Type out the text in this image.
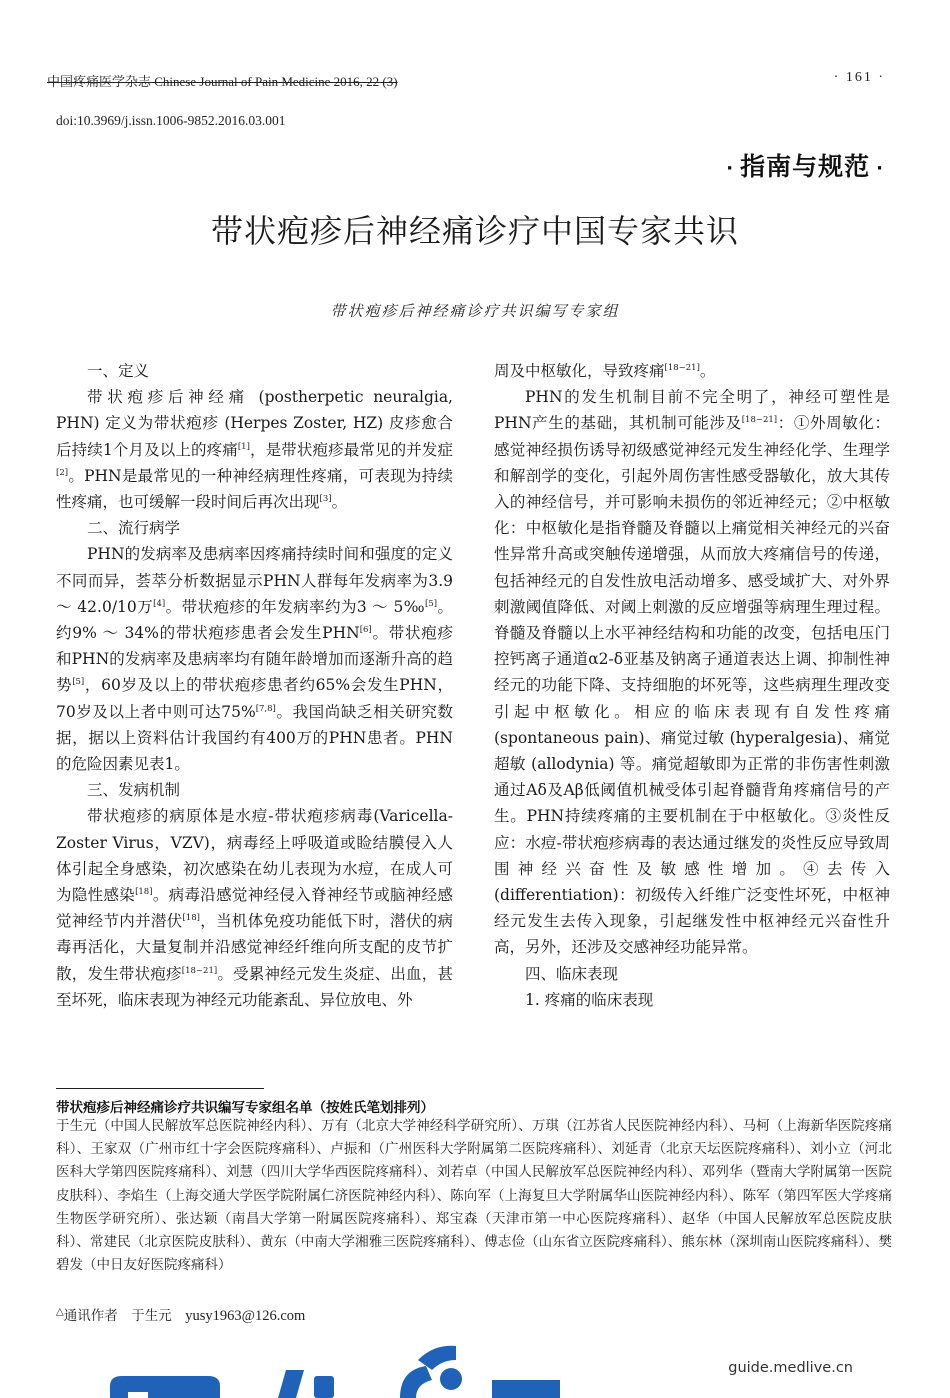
中国疼痛医学杂志 Chinese Journal of Pain Medicine 2016, 22 (3)	· 161 ·
doi:10.3969/j.issn.1006-9852.2016.03.001
· 指南与规范 ·
带状疱疹后神经痛诊疗中国专家共识
带状疱疹后神经痛诊疗共识编写专家组
一、定义

带状疱疹后神经痛 (postherpetic neuralgia, PHN) 定义为带状疱疹 (Herpes Zoster, HZ) 皮疹愈合后持续1个月及以上的疼痛[1]，是带状疱疹最常见的并发症[2]。PHN是最常见的一种神经病理性疼痛，可表现为持续性疼痛，也可缓解一段时间后再次出现[3]。

二、流行病学

PHN的发病率及患病率因疼痛持续时间和强度的定义不同而异，荟萃分析数据显示PHN人群每年发病率为3.9 ～ 42.0/10万[4]。带状疱疹的年发病率约为3 ～ 5‰[5]。约9% ～ 34%的带状疱疹患者会发生PHN[6]。带状疱疹和PHN的发病率及患病率均有随年龄增加而逐渐升高的趋势[5]，60岁及以上的带状疱疹患者约65%会发生PHN，70岁及以上者中则可达75%[7,8]。我国尚缺乏相关研究数据，据以上资料估计我国约有400万的PHN患者。PHN的危险因素见表1。

三、发病机制

带状疱疹的病原体是水痘-带状疱疹病毒(Varicella-Zoster Virus，VZV)，病毒经上呼吸道或睑结膜侵入人体引起全身感染，初次感染在幼儿表现为水痘，在成人可为隐性感染[18]。病毒沿感觉神经侵入脊神经节或脑神经感觉神经节内并潜伏[18]，当机体免疫功能低下时，潜伏的病毒再活化，大量复制并沿感觉神经纤维向所支配的皮节扩散，发生带状疱疹[18~21]。受累神经元发生炎症、出血，甚至坏死，临床表现为神经元功能紊乱、异位放电、外

周及中枢敏化，导致疼痛[18~21]。

PHN的发生机制目前不完全明了，神经可塑性是PHN产生的基础，其机制可能涉及[18~21]：①外周敏化：感觉神经损伤诱导初级感觉神经元发生神经化学、生理学和解剖学的变化，引起外周伤害性感受器敏化，放大其传入的神经信号，并可影响未损伤的邻近神经元；②中枢敏化：中枢敏化是指脊髓及脊髓以上痛觉相关神经元的兴奋性异常升高或突触传递增强，从而放大疼痛信号的传递，包括神经元的自发性放电活动增多、感受域扩大、对外界刺激阈值降低、对阈上刺激的反应增强等病理生理过程。脊髓及脊髓以上水平神经结构和功能的改变，包括电压门控钙离子通道α2-δ亚基及钠离子通道表达上调、抑制性神经元的功能下降、支持细胞的坏死等，这些病理生理改变引起中枢敏化。相应的临床表现有自发性疼痛 (spontaneous pain)、痛觉过敏 (hyperalgesia)、痛觉超敏 (allodynia) 等。痛觉超敏即为正常的非伤害性刺激通过Aδ及Aβ低阈值机械受体引起脊髓背角疼痛信号的产生。PHN持续疼痛的主要机制在于中枢敏化。③炎性反应：水痘-带状疱疹病毒的表达通过继发的炎性反应导致周围神经兴奋性及敏感性增加。④去传入 (differentiation)：初级传入纤维广泛变性坏死，中枢神经元发生去传入现象，引起继发性中枢神经元兴奋性升高，另外，还涉及交感神经功能异常。

四、临床表现
1. 疼痛的临床表现
带状疱疹后神经痛诊疗共识编写专家组名单（按姓氏笔划排列）
于生元（中国人民解放军总医院神经内科）、万有（北京大学神经科学研究所）、万琪（江苏省人民医院神经内科）、马柯（上海新华医院疼痛科）、王家双（广州市红十字会医院疼痛科）、卢振和（广州医科大学附属第二医院疼痛科）、刘延青（北京天坛医院疼痛科）、刘小立（河北医科大学第四医院疼痛科）、刘慧（四川大学华西医院疼痛科）、刘若卓（中国人民解放军总医院神经内科）、邓列华（暨南大学附属第一医院皮肤科）、李焰生（上海交通大学医学院附属仁济医院神经内科）、陈向军（上海复旦大学附属华山医院神经内科）、陈军（第四军医大学疼痛生物医学研究所）、张达颖（南昌大学第一附属医院疼痛科）、郑宝森（天津市第一中心医院疼痛科）、赵华（中国人民解放军总医院皮肤科）、常建民（北京医院皮肤科）、黄东（中南大学湘雅三医院疼痛科）、傅志俭（山东省立医院疼痛科）、熊东林（深圳南山医院疼痛科）、樊碧发（中日友好医院疼痛科）
△通讯作者　于生元　 yusy1963@126.com
guide.medlive.cn
